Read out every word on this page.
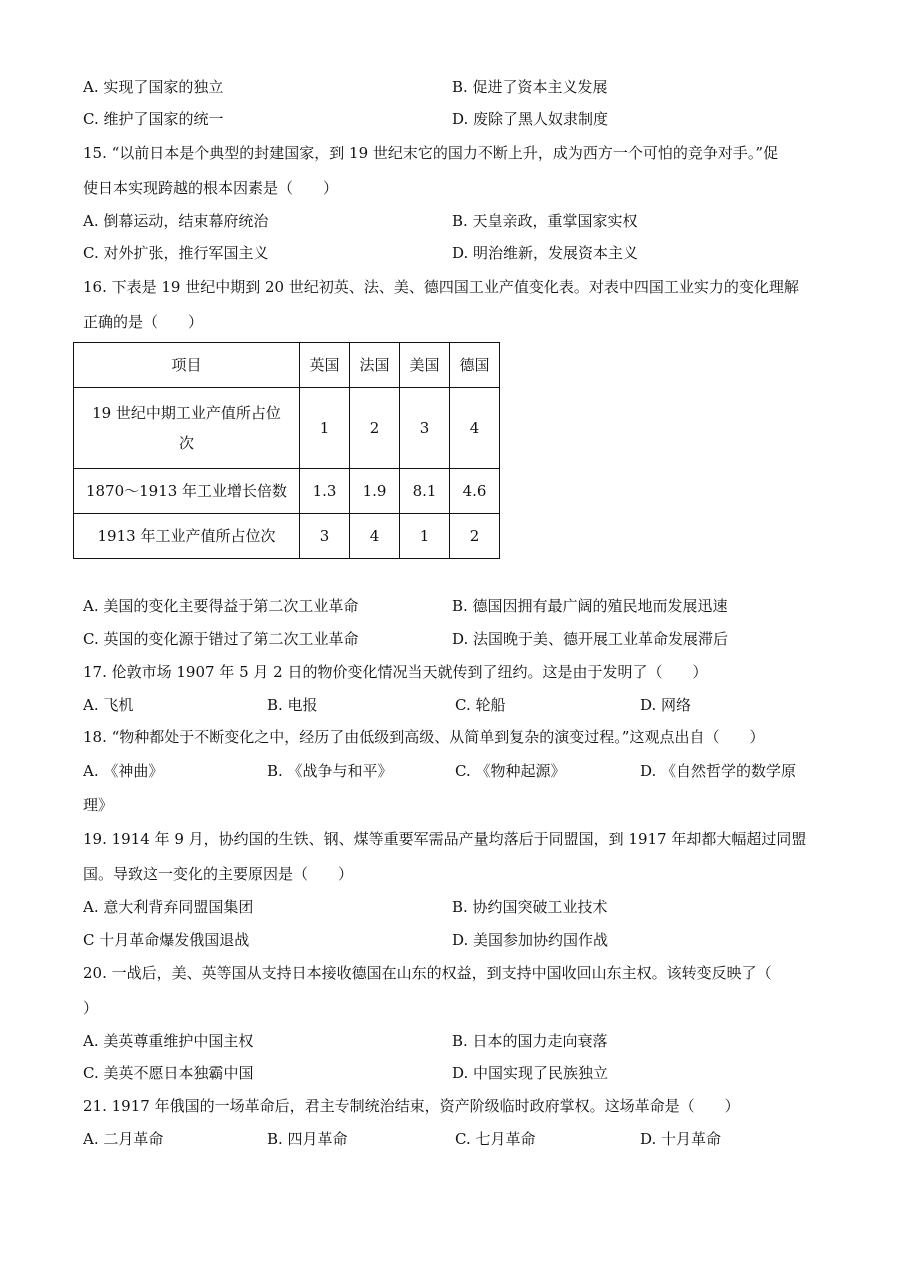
A. 实现了国家的独立	B. 促进了资本主义发展
C. 维护了国家的统一	D. 废除了黑人奴隶制度
15. “以前日本是个典型的封建国家，到 19 世纪末它的国力不断上升，成为西方一个可怕的竞争对手。”促
使日本实现跨越的根本因素是（　　）
A. 倒幕运动，结束幕府统治	B. 天皇亲政，重掌国家实权
C. 对外扩张，推行军国主义	D. 明治维新，发展资本主义
16. 下表是 19 世纪中期到 20 世纪初英、法、美、德四国工业产值变化表。对表中四国工业实力的变化理解
正确的是（　　）
项目	英国	法国	美国	德国

19 世纪中期工业产值所占位
次	1	2	3	4
1870～1913 年工业增长倍数	1.3	1.9	8.1	4.6
1913 年工业产值所占位次	3	4	1	2
A. 美国的变化主要得益于第二次工业革命	B. 德国因拥有最广阔的殖民地而发展迅速
C. 英国的变化源于错过了第二次工业革命	D. 法国晚于美、德开展工业革命发展滞后
17. 伦敦市场 1907 年 5 月 2 日的物价变化情况当天就传到了纽约。这是由于发明了（　　）
A. 飞机	B. 电报	C. 轮船	D. 网络
18. “物种都处于不断变化之中，经历了由低级到高级、从简单到复杂的演变过程。”这观点出自（　　）
A. 《神曲》	B. 《战争与和平》	C. 《物种起源》	D. 《自然哲学的数学原
理》
19. 1914 年 9 月，协约国的生铁、钢、煤等重要军需品产量均落后于同盟国，到 1917 年却都大幅超过同盟
国。导致这一变化的主要原因是（　　）
A. 意大利背弃同盟国集团	B. 协约国突破工业技术
C 十月革命爆发俄国退战	D. 美国参加协约国作战
20. 一战后，美、英等国从支持日本接收德国在山东的权益，到支持中国收回山东主权。该转变反映了（
）
A. 美英尊重维护中国主权	B. 日本的国力走向衰落
C. 美英不愿日本独霸中国	D. 中国实现了民族独立
21. 1917 年俄国的一场革命后，君主专制统治结束，资产阶级临时政府掌权。这场革命是（　　）
A. 二月革命	B. 四月革命	C. 七月革命	D. 十月革命
